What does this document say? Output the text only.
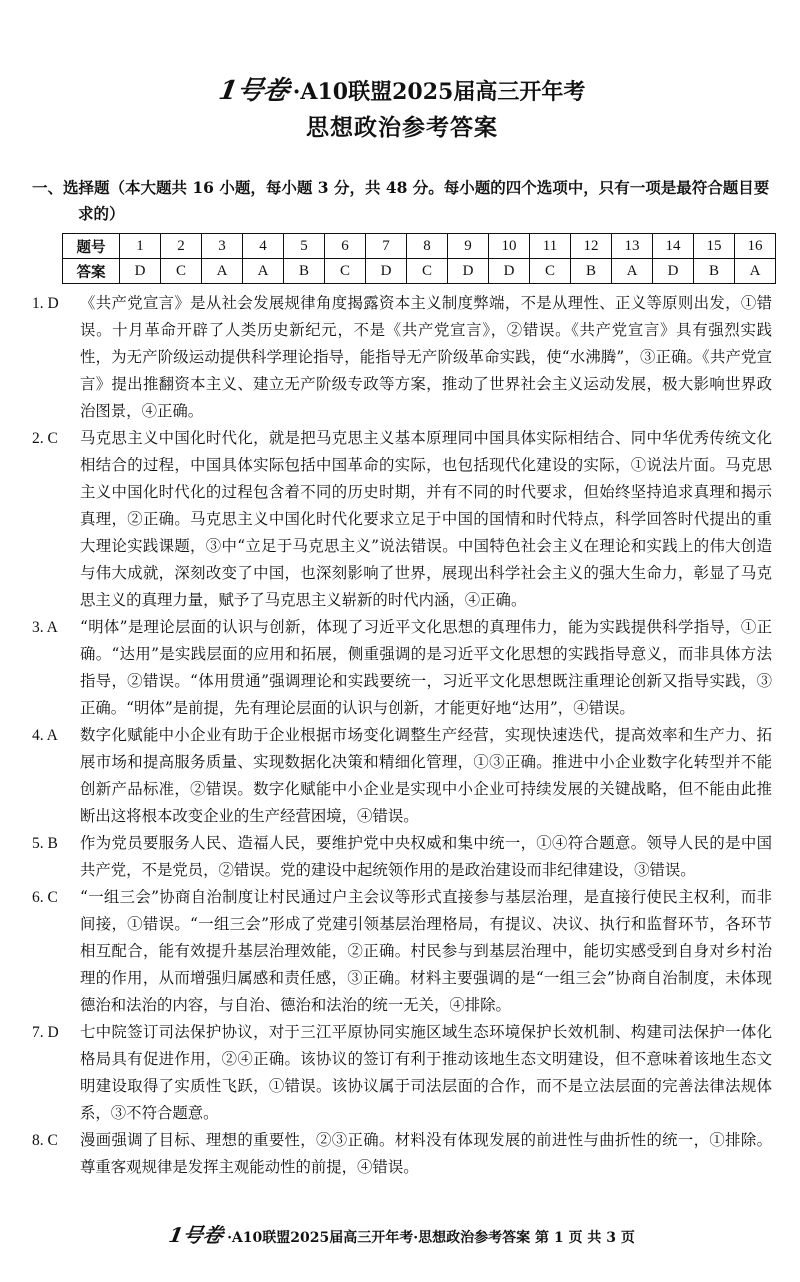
1号卷·A10联盟2025届高三开年考
思想政治参考答案
一、选择题（本大题共 16 小题，每小题 3 分，共 48 分。每小题的四个选项中，只有一项是最符合题目要
求的）
题号	1	2	3	4	5	6	7	8	9	10	11	12	13	14	15	16
答案	D	C	A	A	B	C	D	C	D	D	C	B	A	D	B	A
1. D	《共产党宣言》是从社会发展规律角度揭露资本主义制度弊端，不是从理性、正义等原则出发，①错误。十月革命开辟了人类历史新纪元，不是《共产党宣言》，②错误。《共产党宣言》具有强烈实践性，为无产阶级运动提供科学理论指导，能指导无产阶级革命实践，使“水沸腾”，③正确。《共产党宣言》提出推翻资本主义、建立无产阶级专政等方案，推动了世界社会主义运动发展，极大影响世界政治图景，④正确。
2. C	马克思主义中国化时代化，就是把马克思主义基本原理同中国具体实际相结合、同中华优秀传统文化相结合的过程，中国具体实际包括中国革命的实际，也包括现代化建设的实际，①说法片面。马克思主义中国化时代化的过程包含着不同的历史时期，并有不同的时代要求，但始终坚持追求真理和揭示真理，②正确。马克思主义中国化时代化要求立足于中国的国情和时代特点，科学回答时代提出的重大理论实践课题，③中“立足于马克思主义”说法错误。中国特色社会主义在理论和实践上的伟大创造与伟大成就，深刻改变了中国，也深刻影响了世界，展现出科学社会主义的强大生命力，彰显了马克思主义的真理力量，赋予了马克思主义崭新的时代内涵，④正确。
3. A	“明体”是理论层面的认识与创新，体现了习近平文化思想的真理伟力，能为实践提供科学指导，①正确。“达用”是实践层面的应用和拓展，侧重强调的是习近平文化思想的实践指导意义，而非具体方法指导，②错误。“体用贯通”强调理论和实践要统一，习近平文化思想既注重理论创新又指导实践，③正确。“明体”是前提，先有理论层面的认识与创新，才能更好地“达用”，④错误。
4. A	数字化赋能中小企业有助于企业根据市场变化调整生产经营，实现快速迭代，提高效率和生产力、拓展市场和提高服务质量、实现数据化决策和精细化管理，①③正确。推进中小企业数字化转型并不能创新产品标准，②错误。数字化赋能中小企业是实现中小企业可持续发展的关键战略，但不能由此推断出这将根本改变企业的生产经营困境，④错误。
5. B	作为党员要服务人民、造福人民，要维护党中央权威和集中统一，①④符合题意。领导人民的是中国共产党，不是党员，②错误。党的建设中起统领作用的是政治建设而非纪律建设，③错误。
6. C	“一组三会”协商自治制度让村民通过户主会议等形式直接参与基层治理，是直接行使民主权利，而非间接，①错误。“一组三会”形成了党建引领基层治理格局，有提议、决议、执行和监督环节，各环节相互配合，能有效提升基层治理效能，②正确。村民参与到基层治理中，能切实感受到自身对乡村治理的作用，从而增强归属感和责任感，③正确。材料主要强调的是“一组三会”协商自治制度，未体现德治和法治的内容，与自治、德治和法治的统一无关，④排除。
7. D	七中院签订司法保护协议，对于三江平原协同实施区域生态环境保护长效机制、构建司法保护一体化格局具有促进作用，②④正确。该协议的签订有利于推动该地生态文明建设，但不意味着该地生态文明建设取得了实质性飞跃，①错误。该协议属于司法层面的合作，而不是立法层面的完善法律法规体系，③不符合题意。
8. C	漫画强调了目标、理想的重要性，②③正确。材料没有体现发展的前进性与曲折性的统一，①排除。尊重客观规律是发挥主观能动性的前提，④错误。
1号卷 ·A10联盟2025届高三开年考·思想政治参考答案 第 1 页 共 3 页
